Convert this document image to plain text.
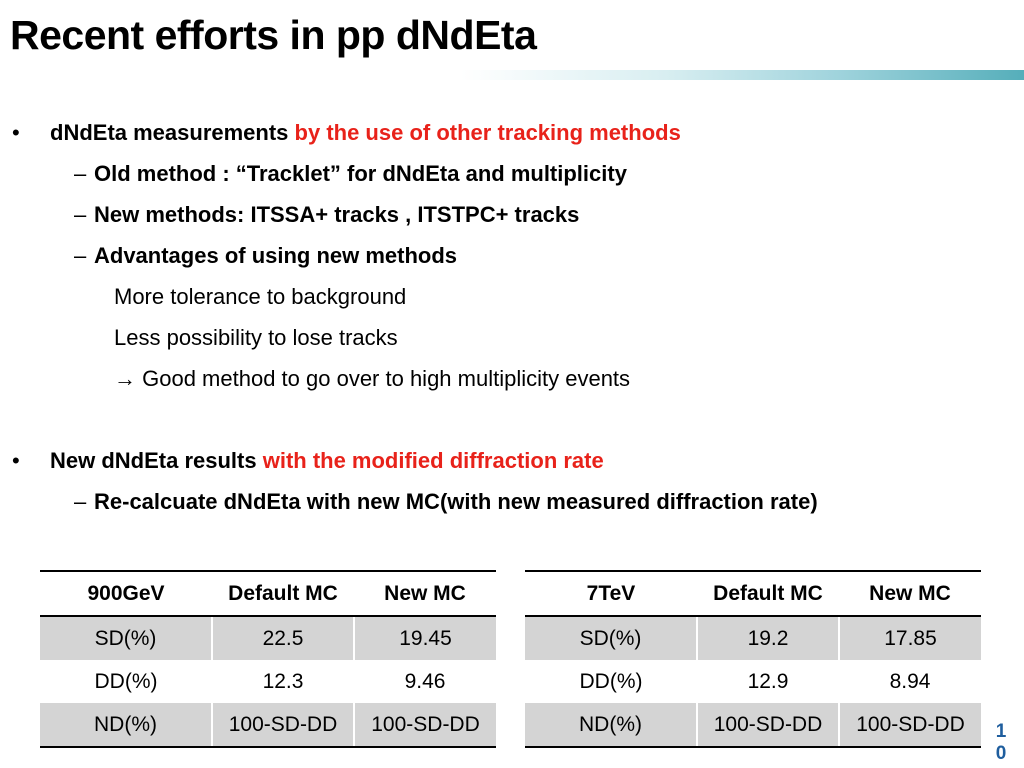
Recent efforts in pp dNdEta
• dNdEta measurements by the use of other tracking methods
– Old method : “Tracklet” for dNdEta and multiplicity
– New methods: ITSSA+ tracks , ITSTPC+ tracks
– Advantages of using new methods
More tolerance to background
Less possibility to lose tracks
→ Good method to go over to high multiplicity events
• New dNdEta results with the modified diffraction rate
– Re-calcuate dNdEta with new MC(with new measured diffraction rate)
900GeV	Default MC	New MC
SD(%)	22.5	19.45
DD(%)	12.3	9.46
ND(%)	100-SD-DD	100-SD-DD
7TeV	Default MC	New MC
SD(%)	19.2	17.85
DD(%)	12.9	8.94
ND(%)	100-SD-DD	100-SD-DD 10
